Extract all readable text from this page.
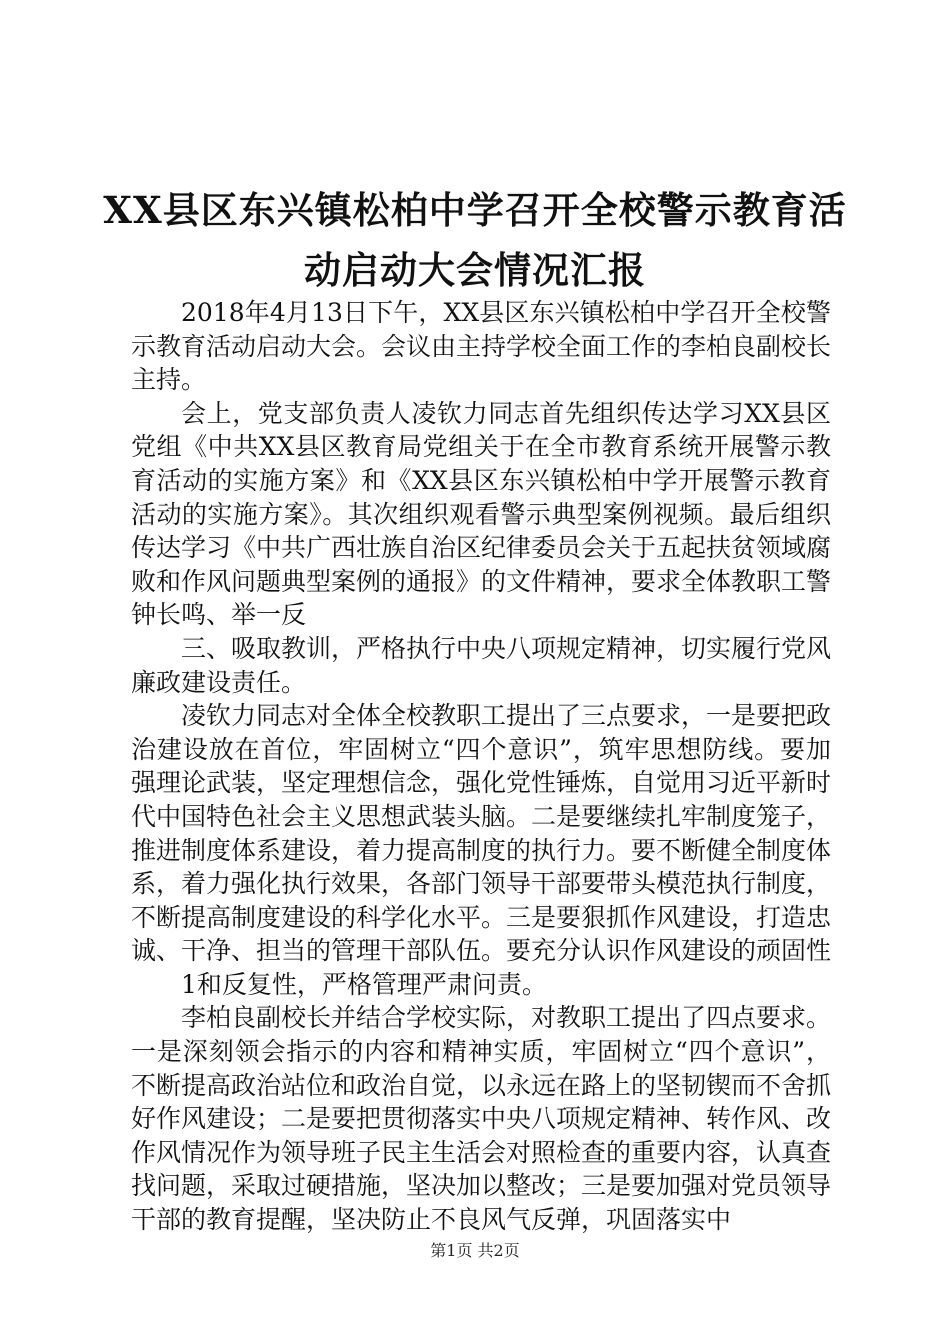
XX县区东兴镇松柏中学召开全校警示教育活
动启动大会情况汇报

2018年4月13日下午，XX县区东兴镇松柏中学召开全校警示教育活动启动大会。会议由主持学校全面工作的李柏良副校长主持。

会上，党支部负责人凌钦力同志首先组织传达学习XX县区党组《中共XX县区教育局党组关于在全市教育系统开展警示教育活动的实施方案》和《XX县区东兴镇松柏中学开展警示教育活动的实施方案》。其次组织观看警示典型案例视频。最后组织传达学习《中共广西壮族自治区纪律委员会关于五起扶贫领域腐败和作风问题典型案例的通报》的文件精神，要求全体教职工警钟长鸣、举一反

三、吸取教训，严格执行中央八项规定精神，切实履行党风廉政建设责任。

凌钦力同志对全体全校教职工提出了三点要求，一是要把政治建设放在首位，牢固树立“四个意识”，筑牢思想防线。要加强理论武装，坚定理想信念，强化党性锤炼，自觉用习近平新时代中国特色社会主义思想武装头脑。二是要继续扎牢制度笼子，推进制度体系建设，着力提高制度的执行力。要不断健全制度体系，着力强化执行效果，各部门领导干部要带头模范执行制度，不断提高制度建设的科学化水平。三是要狠抓作风建设，打造忠诚、干净、担当的管理干部队伍。要充分认识作风建设的顽固性

1和反复性，严格管理严肃问责。

李柏良副校长并结合学校实际，对教职工提出了四点要求。一是深刻领会指示的内容和精神实质，牢固树立“四个意识”，不断提高政治站位和政治自觉，以永远在路上的坚韧锲而不舍抓好作风建设；二是要把贯彻落实中央八项规定精神、转作风、改作风情况作为领导班子民主生活会对照检查的重要内容，认真查找问题，采取过硬措施，坚决加以整改；三是要加强对党员领导干部的教育提醒，坚决防止不良风气反弹，巩固落实中

第1页 共2页
